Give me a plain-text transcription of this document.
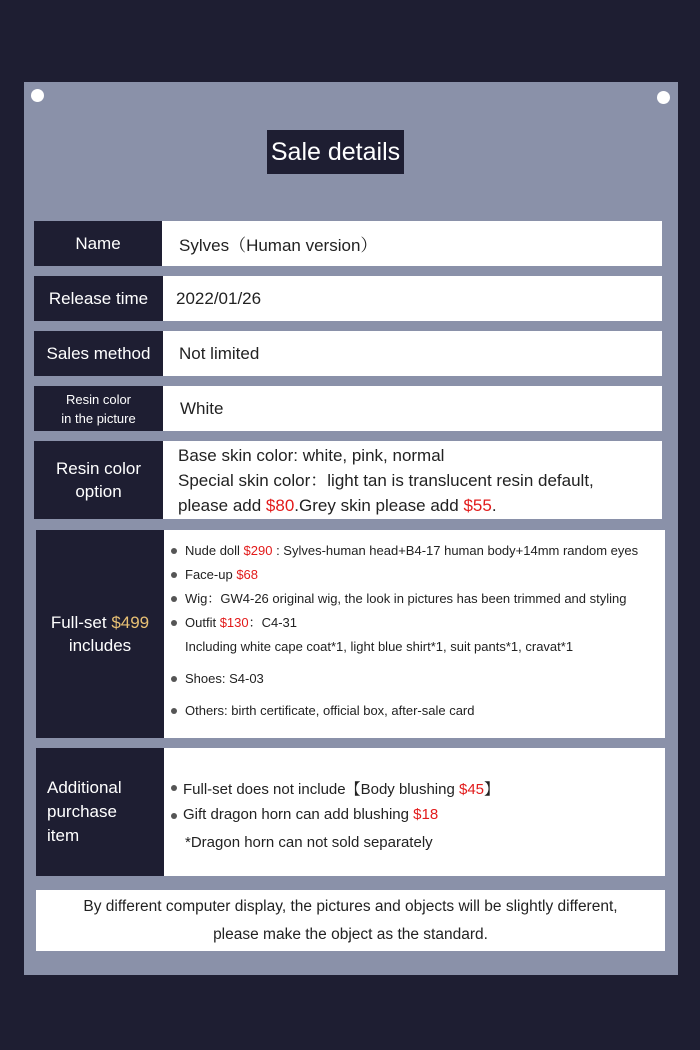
Sale details
Name	Sylves（Human version）
Release time 2022/01/26
Sales method Not limited
Resin color
in the picture
White
Resin color
option
Base skin color: white, pink, normal
Special skin color：light tan is translucent resin default,
please add $80.Grey skin please add $55.
Full-set $499
includes
Nude doll $290 : Sylves-human head+B4-17 human body+14mm random eyes
Face-up $68
Wig：GW4-26 original wig, the look in pictures has been trimmed and styling
Outfit $130：C4-31
Including white cape coat*1, light blue shirt*1, suit pants*1, cravat*1
Shoes: S4-03
Others: birth certificate, official box, after-sale card
Additional
purchase
item
Full-set does not include【Body blushing $45】
Gift dragon horn can add blushing $18
*Dragon horn can not sold separately
By different computer display, the pictures and objects will be slightly different,
please make the object as the standard.
